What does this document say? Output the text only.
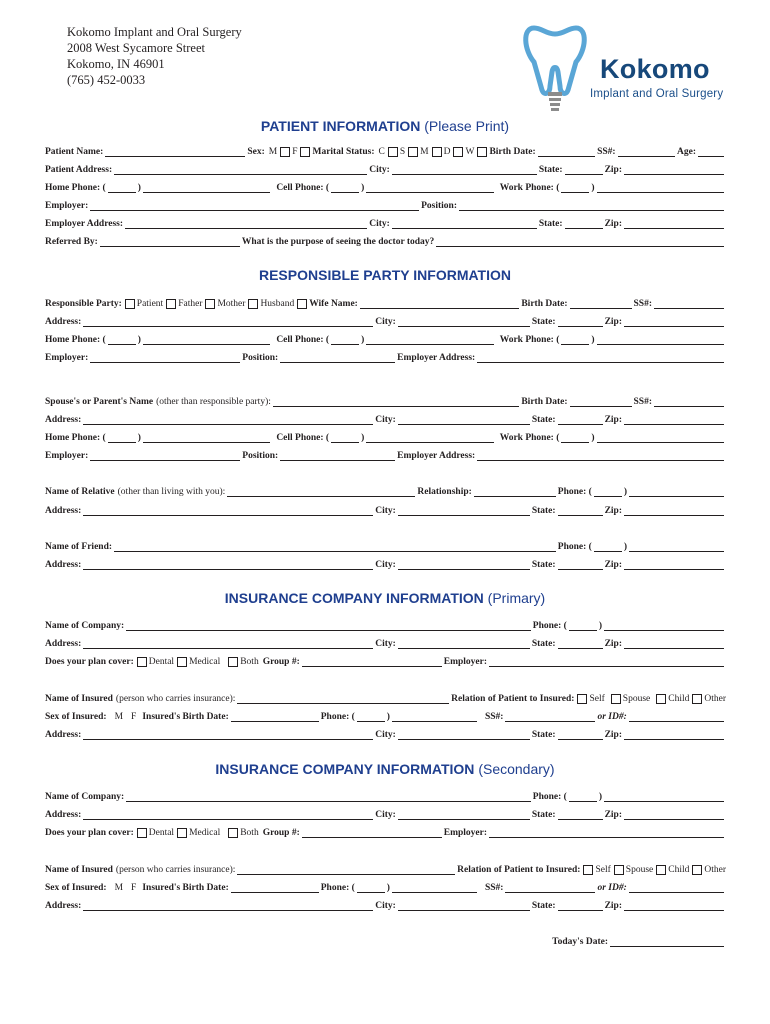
Kokomo Implant and Oral Surgery
2008 West Sycamore Street
Kokomo, IN 46901
(765) 452-0033	Kokomo
Implant and Oral Surgery
PATIENT INFORMATION (Please Print)
Patient Name:	Sex: M F Marital Status: C S M D W Birth Date:	SS#:	Age:
Patient Address:	City:	State:	Zip:
Home Phone: (	)	Cell Phone: (	)	Work Phone: (	)
Employer:	Position:
Employer Address:	City:	State:	Zip:
Referred By:	What is the purpose of seeing the doctor today?
RESPONSIBLE PARTY INFORMATION
Responsible Party: Patient Father Mother Husband Wife Name:	Birth Date:	SS#:
Address:	City:	State:	Zip:
Home Phone: (	)	Cell Phone: (	)	Work Phone: (	)
Employer:	Position:	Employer Address:
Spouse's or Parent's Name (other than responsible party):	Birth Date:	SS#:
Address:	City:	State:	Zip:
Home Phone: (	)	Cell Phone: (	)	Work Phone: (	)
Employer:	Position:	Employer Address:
Name of Relative (other than living with you):	Relationship:	Phone: (	)
Address:	City:	State:	Zip:
Name of Friend:	Phone: (	)
Address:	City:	State:	Zip:
INSURANCE COMPANY INFORMATION (Primary)
Name of Company:	Phone: (	)
Address:	City:	State:	Zip:
Does your plan cover: Dental Medical Both Group #:	Employer:
Name of Insured (person who carries insurance):	Relation of Patient to Insured: Self Spouse Child Other
Sex of Insured: M F Insured's Birth Date:	Phone: (	)	SS#:	or ID#:
Address:	City:	State:	Zip:
INSURANCE COMPANY INFORMATION (Secondary)
Name of Company:	Phone: (	)
Address:	City:	State:	Zip:
Does your plan cover: Dental Medical Both Group #:	Employer:
Name of Insured (person who carries insurance):	Relation of Patient to Insured: Self Spouse Child Other
Sex of Insured: M F Insured's Birth Date:	Phone: (	)	SS#:	or ID#:
Address:	City:	State:	Zip:
Today's Date:
